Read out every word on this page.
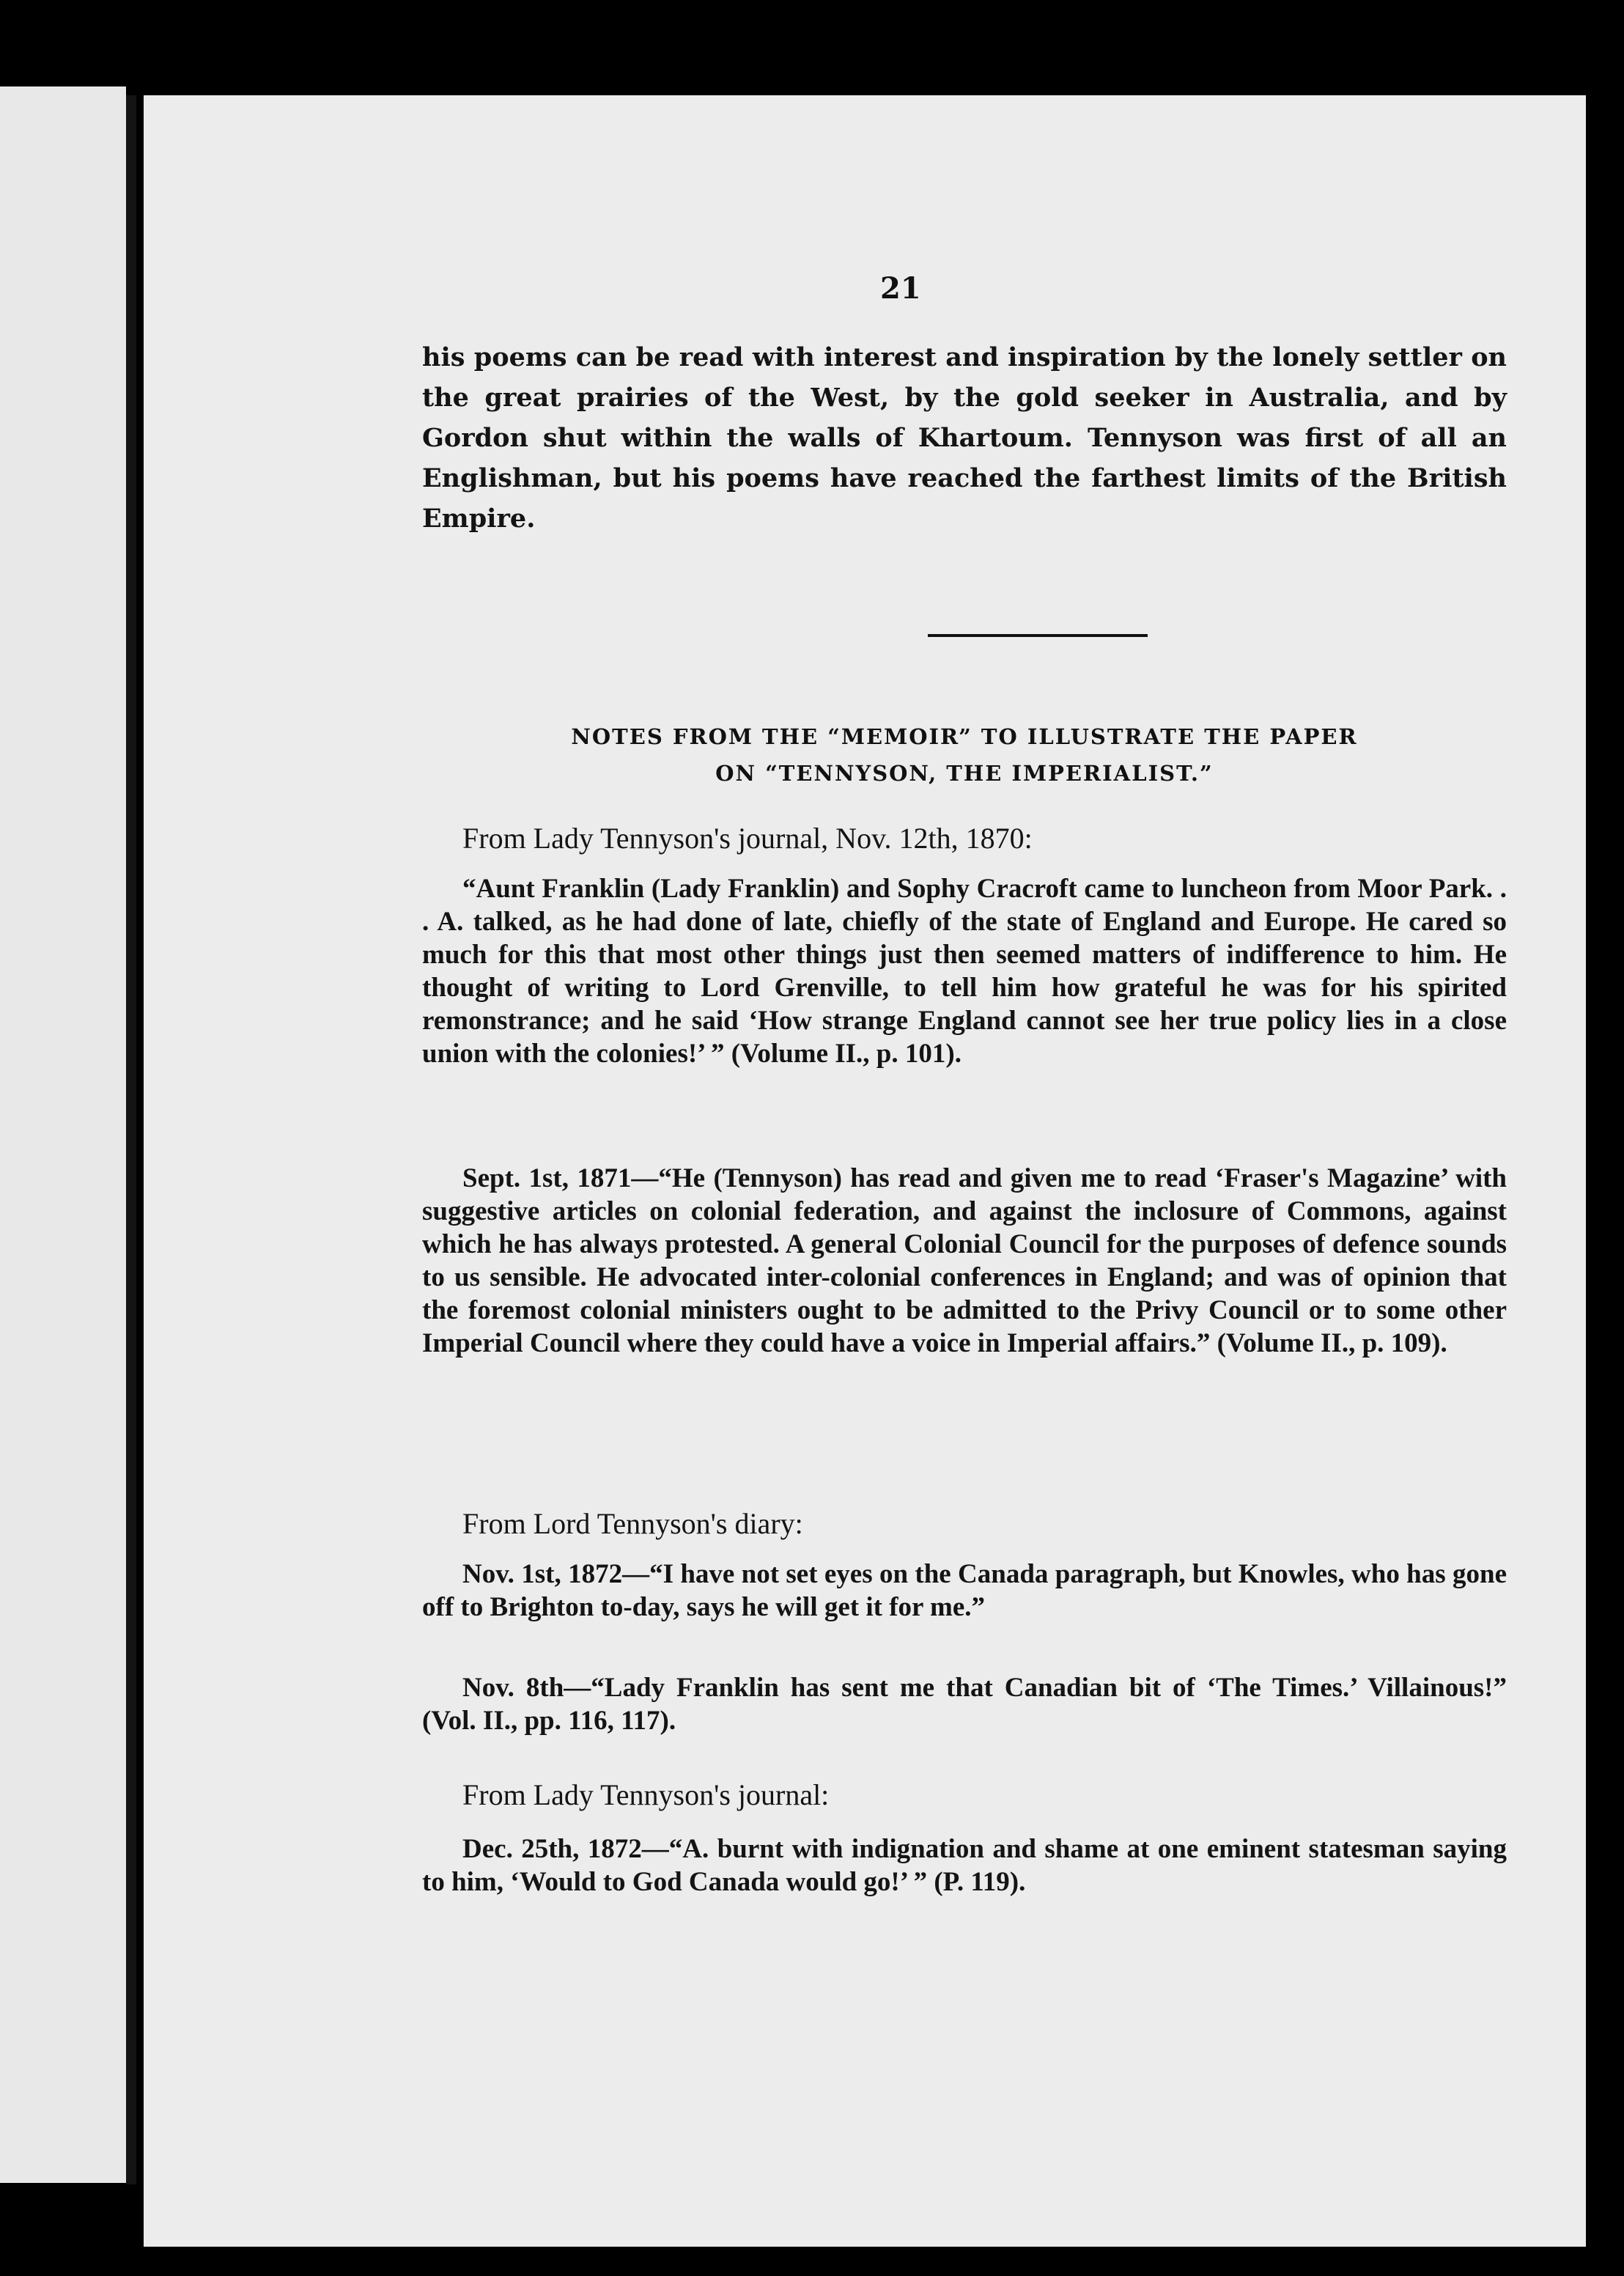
21

his poems can be read with interest and inspiration by the lonely settler on the great prairies of the West, by the gold seeker in Australia, and by Gordon shut within the walls of Khartoum. Tennyson was first of all an Englishman, but his poems have reached the farthest limits of the British Empire.

NOTES FROM THE “MEMOIR” TO ILLUSTRATE THE PAPER

ON “TENNYSON, THE IMPERIALIST.”

From Lady Tennyson's journal, Nov. 12th, 1870:

“Aunt Franklin (Lady Franklin) and Sophy Cracroft came to luncheon from Moor Park. . . A. talked, as he had done of late, chiefly of the state of England and Europe. He cared so much for this that most other things just then seemed matters of indifference to him. He thought of writing to Lord Grenville, to tell him how grateful he was for his spirited remonstrance; and he said ‘How strange England cannot see her true policy lies in a close union with the colonies!’ ” (Volume II., p. 101).

Sept. 1st, 1871—“He (Tennyson) has read and given me to read ‘Fraser's Magazine’ with suggestive articles on colonial federation, and against the inclosure of Commons, against which he has always protested. A general Colonial Council for the purposes of defence sounds to us sensible. He advocated inter-colonial conferences in England; and was of opinion that the foremost colonial ministers ought to be admitted to the Privy Council or to some other Imperial Council where they could have a voice in Imperial affairs.” (Volume II., p. 109).

From Lord Tennyson's diary:

Nov. 1st, 1872—“I have not set eyes on the Canada paragraph, but Knowles, who has gone off to Brighton to-day, says he will get it for me.”

Nov. 8th—“Lady Franklin has sent me that Canadian bit of ‘The Times.’ Villainous!” (Vol. II., pp. 116, 117).

From Lady Tennyson's journal:

Dec. 25th, 1872—“A. burnt with indignation and shame at one eminent statesman saying to him, ‘Would to God Canada would go!’ ” (P. 119).
